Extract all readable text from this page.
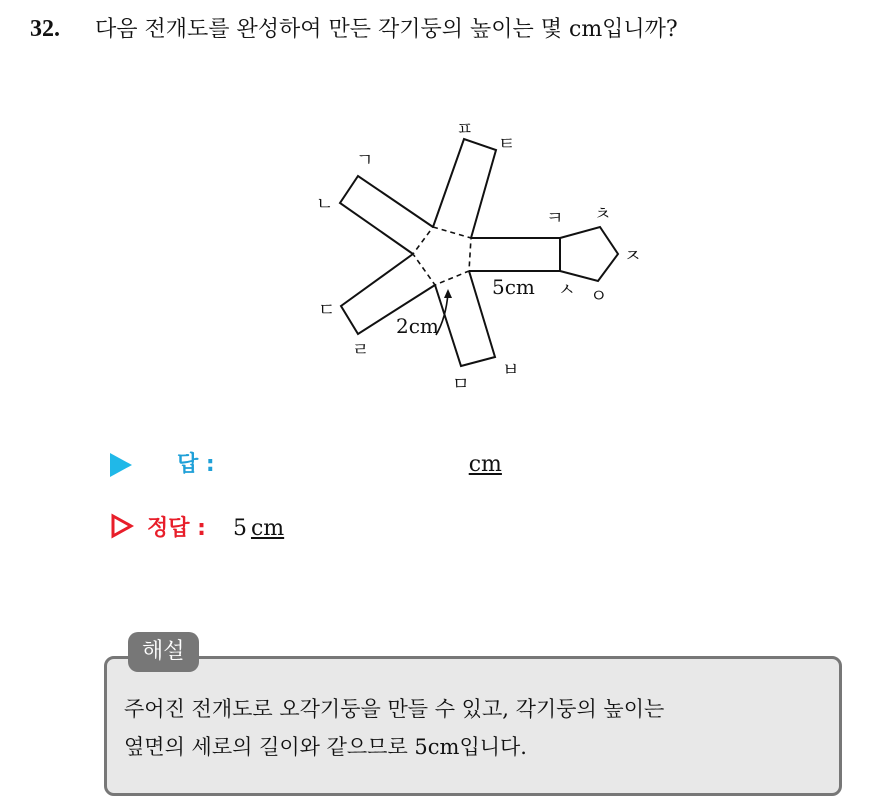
32. 다음 전개도를 완성하여 만든 각기둥의 높이는 몇 cm입니까?
ㄱ
ㄴ
ㄷ
ㄹ
ㅁ
ㅂ
ㅅ ㅇ
ㅈ
ㅊ
ㅋ
ㅌ
ㅍ
5cm
2cm
답 :	cm
정답 : 5 cm
해설
주어진 전개도로 오각기둥을 만들 수 있고, 각기둥의 높이는
옆면의 세로의 길이와 같으므로 5cm입니다.
